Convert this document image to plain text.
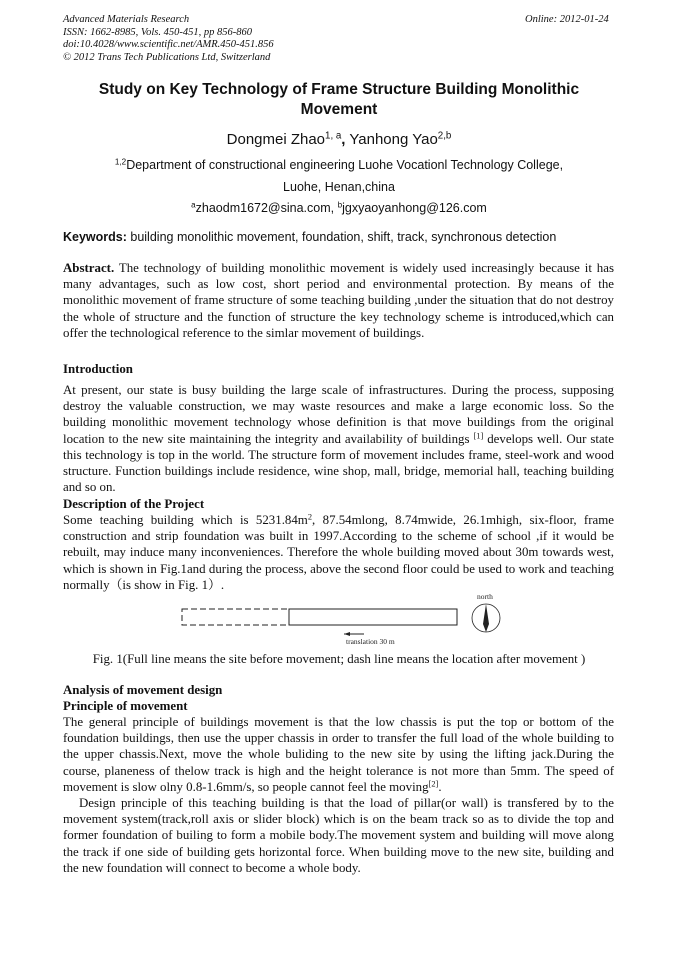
Advanced Materials Research
ISSN: 1662-8985, Vols. 450-451, pp 856-860
doi:10.4028/www.scientific.net/AMR.450-451.856
© 2012 Trans Tech Publications Ltd, Switzerland
Online: 2012-01-24
Study on Key Technology of Frame Structure Building Monolithic
Movement
Dongmei Zhao$^{1, a}$, Yanhong Yao$^{2,b}$
$^{1,2}$Department of constructional engineering Luohe Vocationl Technology College,
Luohe, Henan,china
$^a$zhaodm1672@sina.com, $^b$jgxyaoyanhong@126.com
Keywords: building monolithic movement, foundation, shift, track, synchronous detection

Abstract. The technology of building monolithic movement is widely used increasingly because it has many advantages, such as low cost, short period and environmental protection. By means of the monolithic movement of frame structure of some teaching building ,under the situation that do not destroy the whole of structure and the function of structure the key technology scheme is introduced,which can offer the technological reference to the simlar movement of buildings.

Introduction

At present, our state is busy building the large scale of infrastructures. During the process, supposing destroy the valuable construction, we may waste resources and make a large economic loss. So the building monolithic movement technology whose definition is that move buildings from the original location to the new site maintaining the integrity and availability of buildings [1] develops well. Our state this technology is top in the world. The structure form of movement includes frame, steel-work and wood structure. Function buildings include residence, wine shop, mall, bridge, memorial hall, teaching building and so on.

Description of the Project

Some teaching building which is $5231.84m^2$, 87.54mlong, 8.74mwide, 26.1mhigh, six-floor, frame construction and strip foundation was built in 1997.According to the scheme of school ,if it would be rebuilt, may induce many inconveniences. Therefore the whole building moved about 30m towards west, which is shown in Fig.1and during the process, above the second floor could be used to work and teaching normally（is show in Fig. 1）.

translation 30 m
north
Fig. 1(Full line means the site before movement; dash line means the location after movement )
Analysis of movement design
Principle of movement

The general principle of buildings movement is that the low chassis is put the top or bottom of the foundation buildings, then use the upper chassis in order to transfer the full load of the whole building to the upper chassis.Next, move the whole buliding to the new site by using the lifting jack.During the course, planeness of thelow track is high and the height tolerance is not more than 5mm. The speed of movement is slow olny 0.8-1.6mm/s, so people cannot feel the moving[2].

Design principle of this teaching building is that the load of pillar(or wall) is transfered by to the movement system(track,roll axis or slider block) which is on the beam track so as to divide the top and former foundation of builing to form a mobile body.The movement system and building will move along the track if one side of building gets horizontal force. When building move to the new site, building and the new foundation will connect to become a whole body.
